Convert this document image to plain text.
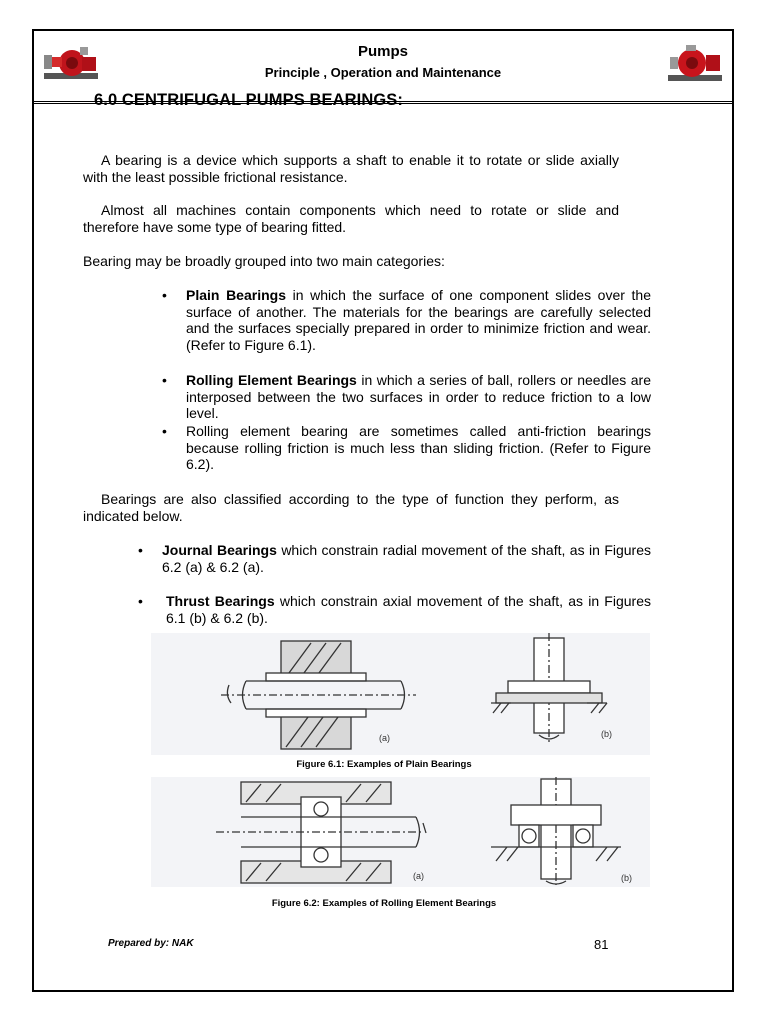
Pumps
Principle , Operation and Maintenance
6.0 CENTRIFUGAL PUMPS BEARINGS:

A bearing is a device which supports a shaft to enable it to rotate or slide axially with the least possible frictional resistance.

Almost all machines contain components which need to rotate or slide and therefore have some type of bearing fitted.

Bearing may be broadly grouped into two main categories:

• Plain Bearings in which the surface of one component slides over the surface of another. The materials for the bearings are carefully selected and the surfaces specially prepared in order to minimize friction and wear. (Refer to Figure 6.1).
• Rolling Element Bearings in which a series of ball, rollers or needles are interposed between the two surfaces in order to reduce friction to a low level.
• Rolling element bearing are sometimes called anti-friction bearings because rolling friction is much less than sliding friction. (Refer to Figure 6.2).

Bearings are also classified according to the type of function they perform, as indicated below.

• Journal Bearings which constrain radial movement of the shaft, as in Figures 6.2 (a) & 6.2 (a).
• Thrust Bearings which constrain axial movement of the shaft, as in Figures 6.1 (b) & 6.2 (b).
(a)	(b)
Figure 6.1: Examples of Plain Bearings
(a)	(b)
Figure 6.2: Examples of Rolling Element Bearings
Prepared by: NAK	81
